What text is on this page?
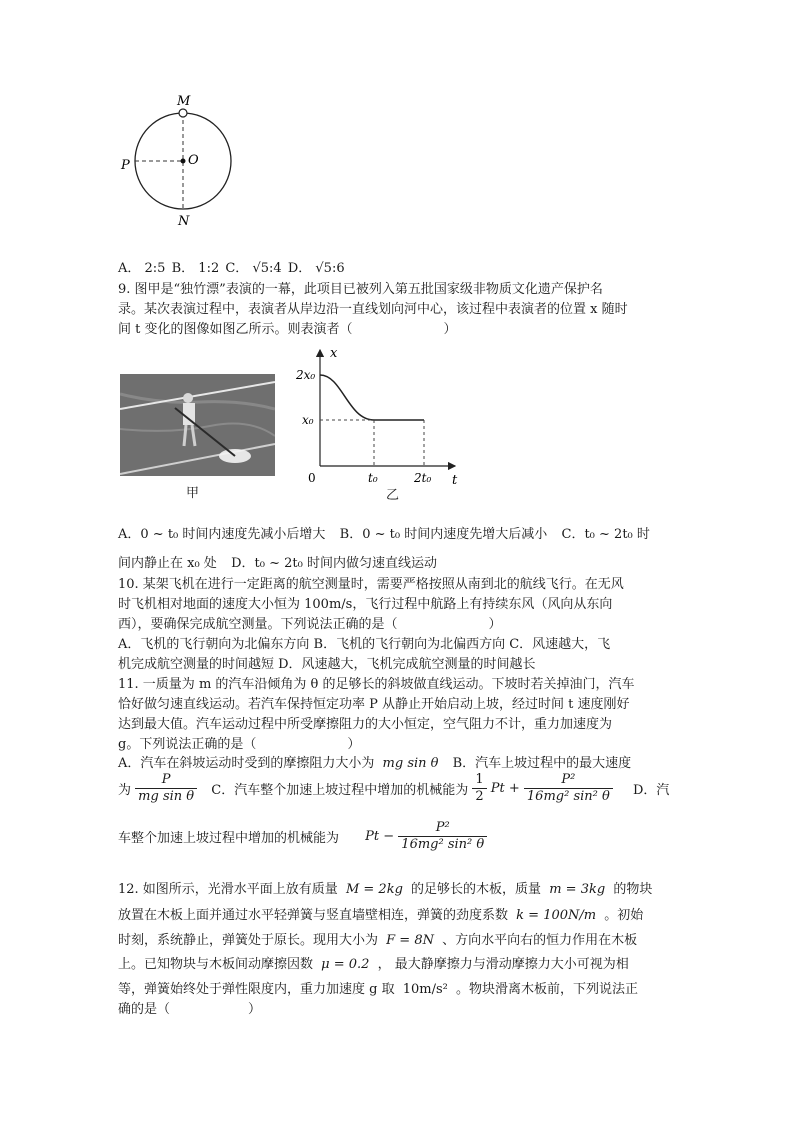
M
O
P
N
A． 2:5 B． 1:2 C． √5:4 D． √5:6
9. 图甲是“独竹漂”表演的一幕，此项目已被列入第五批国家级非物质文化遗产保护名
录。某次表演过程中，表演者从岸边沿一直线划向河中心，该过程中表演者的位置 x 随时
间 t 变化的图像如图乙所示。则表演者（　　　　　　　）
x
t
0
2x₀
x₀
t₀	2t₀
甲	乙
A．0 ~ t₀ 时间内速度先减小后增大 B．0 ~ t₀ 时间内速度先增大后减小 C．t₀ ~ 2t₀ 时
间内静止在 x₀ 处 D．t₀ ~ 2t₀ 时间内做匀速直线运动
10. 某架飞机在进行一定距离的航空测量时，需要严格按照从南到北的航线飞行。在无风
时飞机相对地面的速度大小恒为 100m/s，飞行过程中航路上有持续东风（风向从东向
西），要确保完成航空测量。下列说法正确的是（　　　　　　　）
A．飞机的飞行朝向为北偏东方向 B．飞机的飞行朝向为北偏西方向 C．风速越大，飞
机完成航空测量的时间越短 D．风速越大，飞机完成航空测量的时间越长
11. 一质量为 m 的汽车沿倾角为 θ 的足够长的斜坡做直线运动。下坡时若关掉油门，汽车
恰好做匀速直线运动。若汽车保持恒定功率 P 从静止开始启动上坡，经过时间 t 速度刚好
达到最大值。汽车运动过程中所受摩擦阻力的大小恒定，空气阻力不计，重力加速度为
g。下列说法正确的是（　　　　　　　）
A．汽车在斜坡运动时受到的摩擦阻力大小为 mg sin θ B．汽车上坡过程中的最大速度
为 $\frac{P}{\text{mg sin θ}}$ C．汽车整个加速上坡过程中增加的机械能为 $\frac{1}{2}$ $Pt + \frac{\text{P²}}{\text{16mg² sin² θ}}$ D．汽
车整个加速上坡过程中增加的机械能为 $Pt - \frac{\text{P²}}{\text{16mg² sin² θ}}$
12. 如图所示，光滑水平面上放有质量 M = 2kg 的足够长的木板，质量 m = 3kg 的物块
放置在木板上面并通过水平轻弹簧与竖直墙壁相连，弹簧的劲度系数 k = 100N/m 。初始
时刻，系统静止，弹簧处于原长。现用大小为 F = 8N 、方向水平向右的恒力作用在木板
上。已知物块与木板间动摩擦因数 μ = 0.2 ， 最大静摩擦力与滑动摩擦力大小可视为相
等，弹簧始终处于弹性限度内，重力加速度 g 取 10m/s² 。物块滑离木板前，下列说法正
确的是（　　　　　　）
